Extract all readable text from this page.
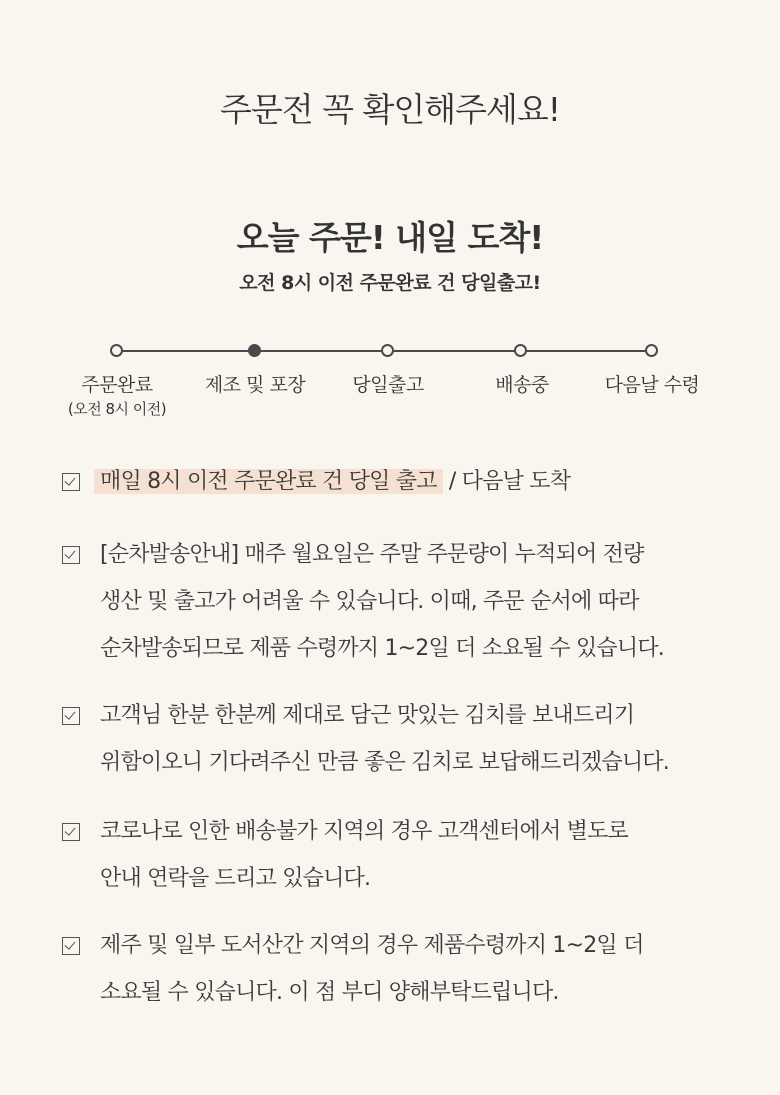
주문전 꼭 확인해주세요!
오늘 주문! 내일 도착!
오전 8시 이전 주문완료 건 당일출고!
주문완료
(오전 8시 이전)
제조 및 포장	당일출고	배송중	다음날 수령
매일 8시 이전 주문완료 건 당일 출고 / 다음날 도착
[순차발송안내] 매주 월요일은 주말 주문량이 누적되어 전량
생산 및 출고가 어려울 수 있습니다. 이때, 주문 순서에 따라
순차발송되므로 제품 수령까지 1~2일 더 소요될 수 있습니다.
고객님 한분 한분께 제대로 담근 맛있는 김치를 보내드리기
위함이오니 기다려주신 만큼 좋은 김치로 보답해드리겠습니다.
코로나로 인한 배송불가 지역의 경우 고객센터에서 별도로
안내 연락을 드리고 있습니다.
제주 및 일부 도서산간 지역의 경우 제품수령까지 1~2일 더
소요될 수 있습니다. 이 점 부디 양해부탁드립니다.
